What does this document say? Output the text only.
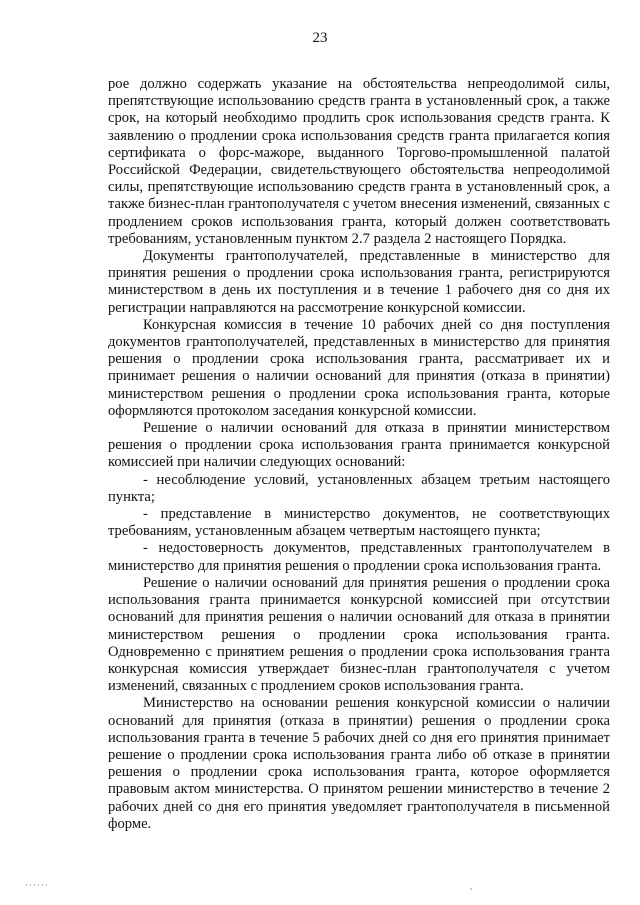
23

рое должно содержать указание на обстоятельства непреодолимой силы, препятствующие использованию средств гранта в установленный срок, а также срок, на который необходимо продлить срок использования средств гранта. К заявлению о продлении срока использования средств гранта прилагается копия сертификата о форс-мажоре, выданного Торгово-промышленной палатой Российской Федерации, свидетельствующего обстоятельства непреодолимой силы, препятствующие использованию средств гранта в установленный срок, а также бизнес-план грантополучателя с учетом внесения изменений, связанных с продлением сроков использования гранта, который должен соответствовать требованиям, установленным пунктом 2.7 раздела 2 настоящего Порядка.

Документы грантополучателей, представленные в министерство для принятия решения о продлении срока использования гранта, регистрируются министерством в день их поступления и в течение 1 рабочего дня со дня их регистрации направляются на рассмотрение конкурсной комиссии.

Конкурсная комиссия в течение 10 рабочих дней со дня поступления документов грантополучателей, представленных в министерство для принятия решения о продлении срока использования гранта, рассматривает их и принимает решения о наличии оснований для принятия (отказа в принятии) министерством решения о продлении срока использования гранта, которые оформляются протоколом заседания конкурсной комиссии.

Решение о наличии оснований для отказа в принятии министерством решения о продлении срока использования гранта принимается конкурсной комиссией при наличии следующих оснований:

- несоблюдение условий, установленных абзацем третьим настоящего пункта;

- представление в министерство документов, не соответствующих требованиям, установленным абзацем четвертым настоящего пункта;

- недостоверность документов, представленных грантополучателем в министерство для принятия решения о продлении срока использования гранта.

Решение о наличии оснований для принятия решения о продлении срока использования гранта принимается конкурсной комиссией при отсутствии оснований для принятия решения о наличии оснований для отказа в принятии министерством решения о продлении срока использования гранта. Одновременно с принятием решения о продлении срока использования гранта конкурсная комиссия утверждает бизнес-план грантополучателя с учетом изменений, связанных с продлением сроков использования гранта.

Министерство на основании решения конкурсной комиссии о наличии оснований для принятия (отказа в принятии) решения о продлении срока использования гранта в течение 5 рабочих дней со дня его принятия принимает решение о продлении срока использования гранта либо об отказе в принятии решения о продлении срока использования гранта, которое оформляется правовым актом министерства. О принятом решении министерство в течение 2 рабочих дней со дня его принятия уведомляет грантополучателя в письменной форме.
